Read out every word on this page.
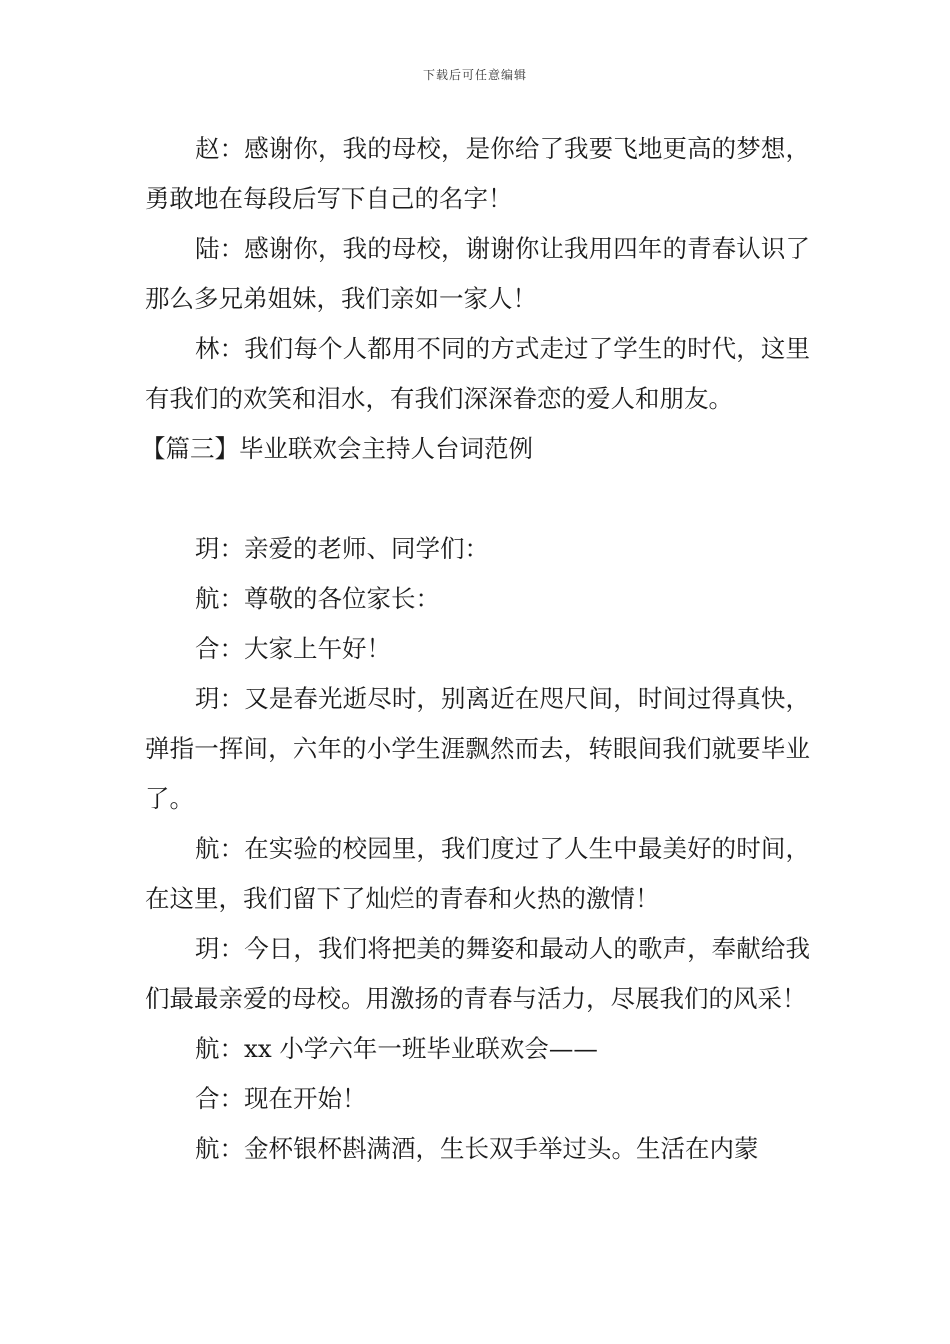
下载后可任意编辑

赵：感谢你，我的母校，是你给了我要飞地更高的梦想，勇敢地在每段后写下自己的名字！

陆：感谢你，我的母校，谢谢你让我用四年的青春认识了那么多兄弟姐妹，我们亲如一家人！

林：我们每个人都用不同的方式走过了学生的时代，这里有我们的欢笑和泪水，有我们深深眷恋的爱人和朋友。

【篇三】毕业联欢会主持人台词范例

玥：亲爱的老师、同学们：

航：尊敬的各位家长：

合：大家上午好！

玥：又是春光逝尽时，别离近在咫尺间，时间过得真快，弹指一挥间，六年的小学生涯飘然而去，转眼间我们就要毕业了。

航：在实验的校园里，我们度过了人生中最美好的时间，在这里，我们留下了灿烂的青春和火热的激情！

玥：今日，我们将把美的舞姿和最动人的歌声，奉献给我们最最亲爱的母校。用激扬的青春与活力，尽展我们的风采！

航：xx 小学六年一班毕业联欢会——

合：现在开始！

航：金杯银杯斟满酒，生长双手举过头。生活在内蒙
